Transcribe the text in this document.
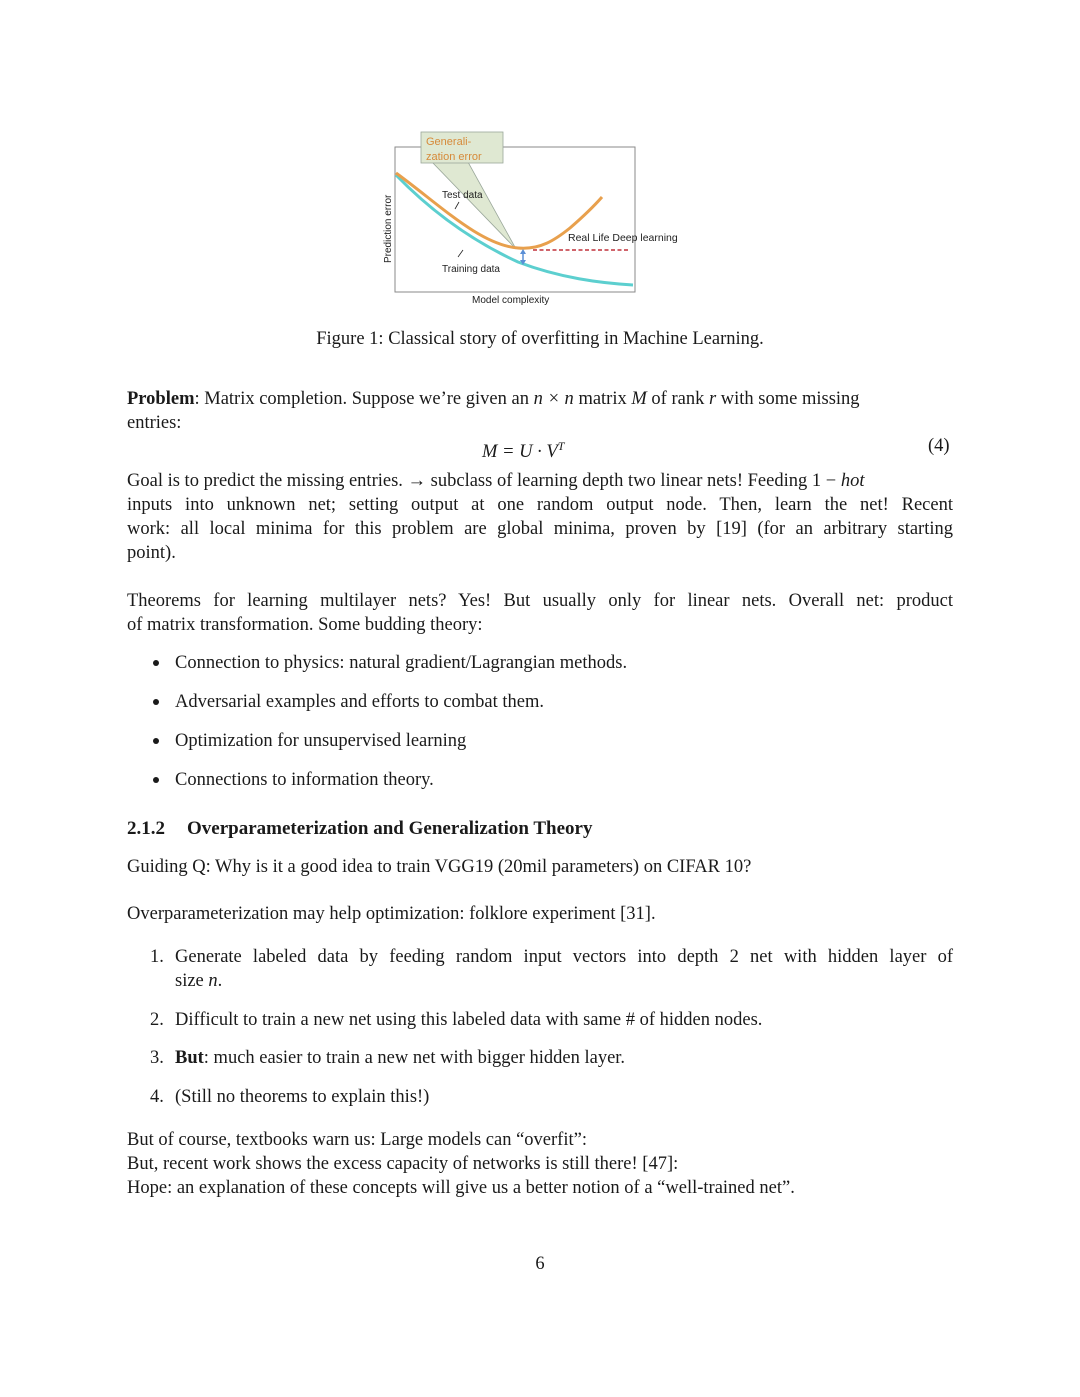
Generali-
zation error
Test data
Training data
Real Life Deep learning
Model complexity
Prediction error
Figure 1: Classical story of overfitting in Machine Learning.
Problem: Matrix completion. Suppose we’re given an n × n matrix M of rank r with some missing
entries:
$M = U \cdot V^T$	(4)
Goal is to predict the missing entries. → subclass of learning depth two linear nets! Feeding 1 − hot
inputs into unknown net; setting output at one random output node. Then, learn the net! Recent
work: all local minima for this problem are global minima, proven by [19] (for an arbitrary starting
point).
Theorems for learning multilayer nets? Yes! But usually only for linear nets. Overall net: product
of matrix transformation. Some budding theory:
Connection to physics: natural gradient/Lagrangian methods.
Adversarial examples and efforts to combat them.
Optimization for unsupervised learning
Connections to information theory.
2.1.2 Overparameterization and Generalization Theory
Guiding Q: Why is it a good idea to train VGG19 (20mil parameters) on CIFAR 10?
Overparameterization may help optimization: folklore experiment [31].
1. Generate labeled data by feeding random input vectors into depth 2 net with hidden layer of
size n.
2. Difficult to train a new net using this labeled data with same # of hidden nodes.
3. But: much easier to train a new net with bigger hidden layer.
4. (Still no theorems to explain this!)
But of course, textbooks warn us: Large models can “overfit”:
But, recent work shows the excess capacity of networks is still there! [47]:
Hope: an explanation of these concepts will give us a better notion of a “well-trained net”.
6
